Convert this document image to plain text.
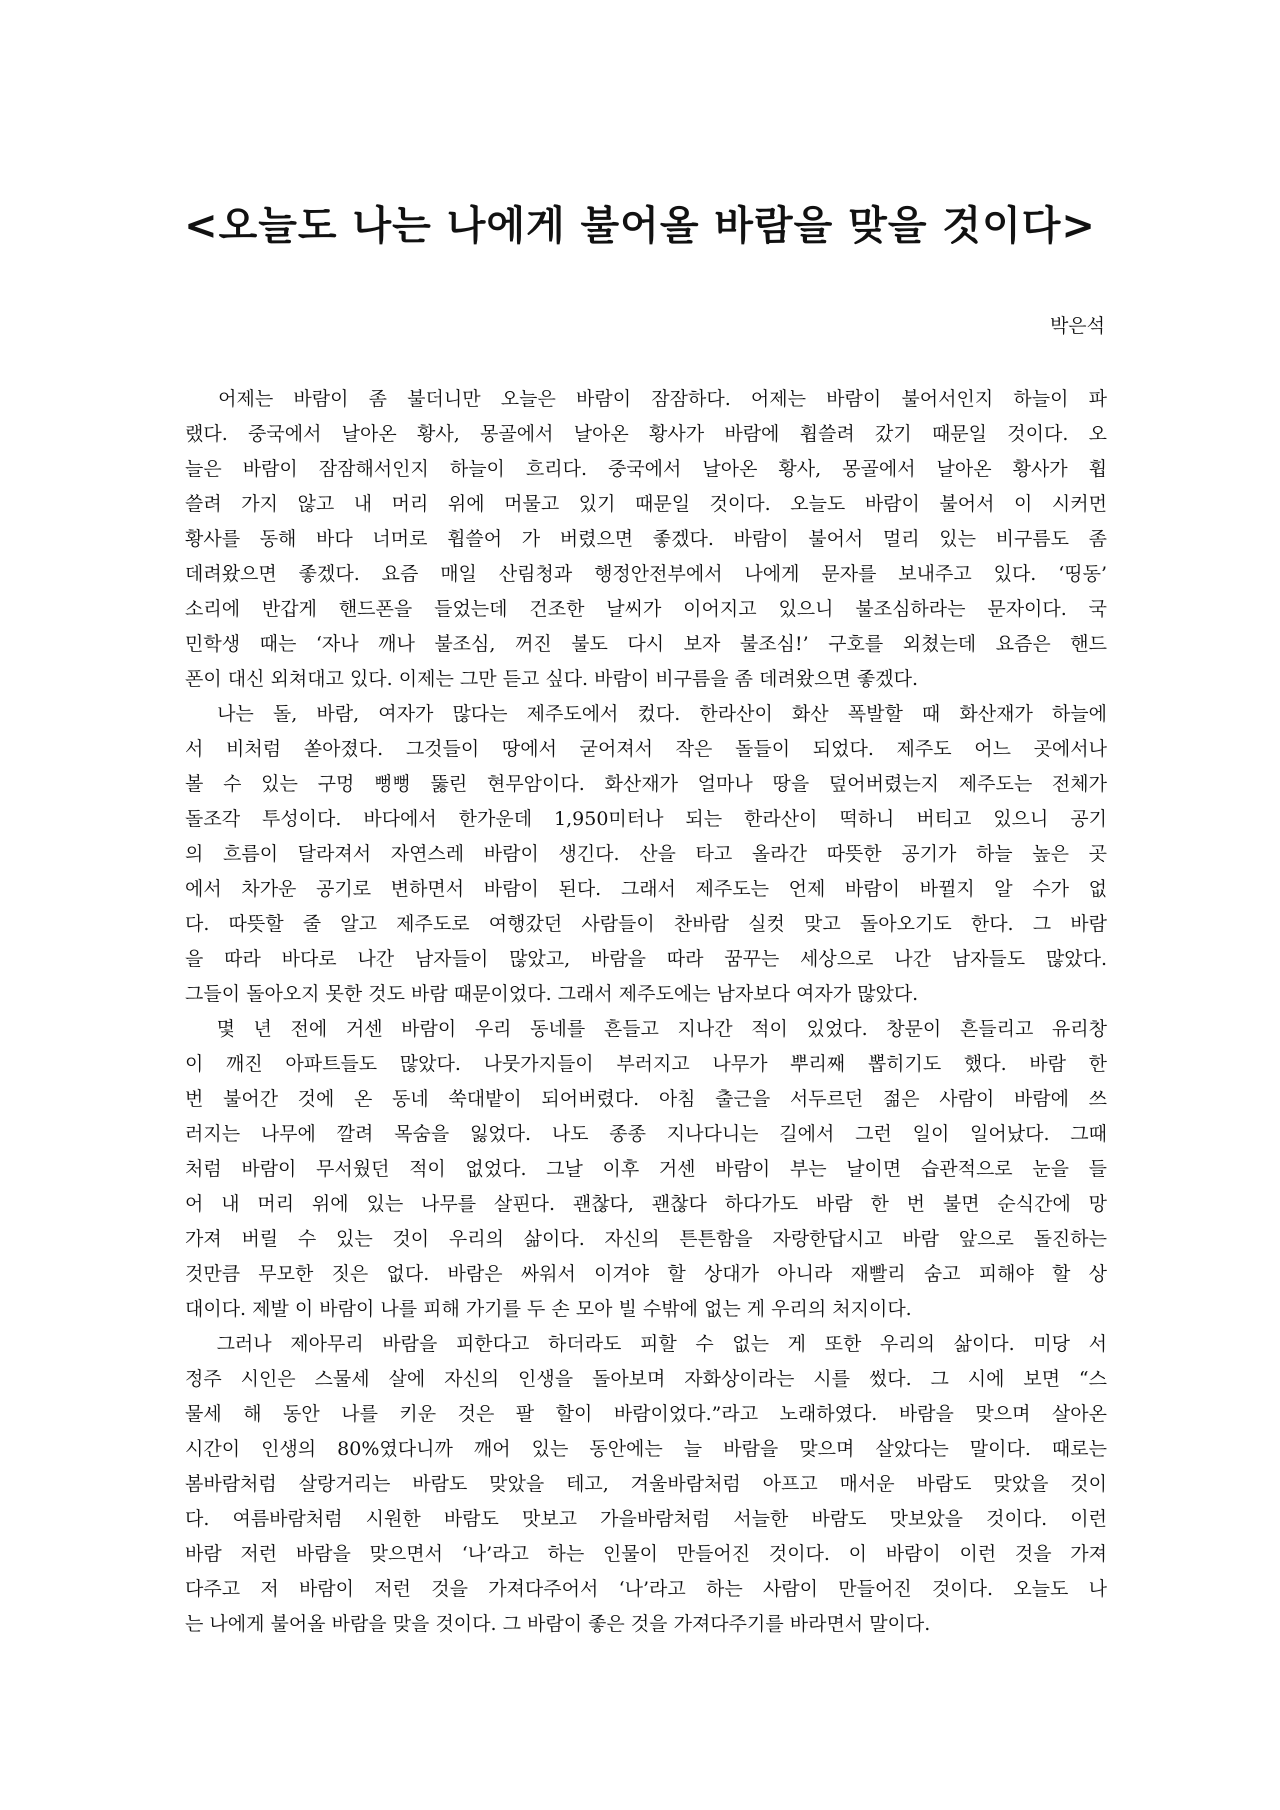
<오늘도 나는 나에게 불어올 바람을 맞을 것이다>

박은석

　어제는 바람이 좀 불더니만 오늘은 바람이 잠잠하다. 어제는 바람이 불어서인지 하늘이 파
랬다. 중국에서 날아온 황사, 몽골에서 날아온 황사가 바람에 휩쓸려 갔기 때문일 것이다. 오
늘은 바람이 잠잠해서인지 하늘이 흐리다. 중국에서 날아온 황사, 몽골에서 날아온 황사가 휩
쓸려 가지 않고 내 머리 위에 머물고 있기 때문일 것이다. 오늘도 바람이 불어서 이 시커먼
황사를 동해 바다 너머로 휩쓸어 가 버렸으면 좋겠다. 바람이 불어서 멀리 있는 비구름도 좀
데려왔으면 좋겠다. 요즘 매일 산림청과 행정안전부에서 나에게 문자를 보내주고 있다. ‘띵동’
소리에 반갑게 핸드폰을 들었는데 건조한 날씨가 이어지고 있으니 불조심하라는 문자이다. 국
민학생 때는 ‘자나 깨나 불조심, 꺼진 불도 다시 보자 불조심!’ 구호를 외쳤는데 요즘은 핸드
폰이 대신 외쳐대고 있다. 이제는 그만 듣고 싶다. 바람이 비구름을 좀 데려왔으면 좋겠다.
　나는 돌, 바람, 여자가 많다는 제주도에서 컸다. 한라산이 화산 폭발할 때 화산재가 하늘에
서 비처럼 쏟아졌다. 그것들이 땅에서 굳어져서 작은 돌들이 되었다. 제주도 어느 곳에서나
볼 수 있는 구멍 뻥뻥 뚫린 현무암이다. 화산재가 얼마나 땅을 덮어버렸는지 제주도는 전체가
돌조각 투성이다. 바다에서 한가운데 1,950미터나 되는 한라산이 떡하니 버티고 있으니 공기
의 흐름이 달라져서 자연스레 바람이 생긴다. 산을 타고 올라간 따뜻한 공기가 하늘 높은 곳
에서 차가운 공기로 변하면서 바람이 된다. 그래서 제주도는 언제 바람이 바뀔지 알 수가 없
다. 따뜻할 줄 알고 제주도로 여행갔던 사람들이 찬바람 실컷 맞고 돌아오기도 한다. 그 바람
을 따라 바다로 나간 남자들이 많았고, 바람을 따라 꿈꾸는 세상으로 나간 남자들도 많았다.
그들이 돌아오지 못한 것도 바람 때문이었다. 그래서 제주도에는 남자보다 여자가 많았다.
　몇 년 전에 거센 바람이 우리 동네를 흔들고 지나간 적이 있었다. 창문이 흔들리고 유리창
이 깨진 아파트들도 많았다. 나뭇가지들이 부러지고 나무가 뿌리째 뽑히기도 했다. 바람 한
번 불어간 것에 온 동네 쑥대밭이 되어버렸다. 아침 출근을 서두르던 젊은 사람이 바람에 쓰
러지는 나무에 깔려 목숨을 잃었다. 나도 종종 지나다니는 길에서 그런 일이 일어났다. 그때
처럼 바람이 무서웠던 적이 없었다. 그날 이후 거센 바람이 부는 날이면 습관적으로 눈을 들
어 내 머리 위에 있는 나무를 살핀다. 괜찮다, 괜찮다 하다가도 바람 한 번 불면 순식간에 망
가져 버릴 수 있는 것이 우리의 삶이다. 자신의 튼튼함을 자랑한답시고 바람 앞으로 돌진하는
것만큼 무모한 짓은 없다. 바람은 싸워서 이겨야 할 상대가 아니라 재빨리 숨고 피해야 할 상
대이다. 제발 이 바람이 나를 피해 가기를 두 손 모아 빌 수밖에 없는 게 우리의 처지이다.
　그러나 제아무리 바람을 피한다고 하더라도 피할 수 없는 게 또한 우리의 삶이다. 미당 서
정주 시인은 스물세 살에 자신의 인생을 돌아보며 자화상이라는 시를 썼다. 그 시에 보면 “스
물세 해 동안 나를 키운 것은 팔 할이 바람이었다.”라고 노래하였다. 바람을 맞으며 살아온
시간이 인생의 80%였다니까 깨어 있는 동안에는 늘 바람을 맞으며 살았다는 말이다. 때로는
봄바람처럼 살랑거리는 바람도 맞았을 테고, 겨울바람처럼 아프고 매서운 바람도 맞았을 것이
다. 여름바람처럼 시원한 바람도 맛보고 가을바람처럼 서늘한 바람도 맛보았을 것이다. 이런
바람 저런 바람을 맞으면서 ‘나’라고 하는 인물이 만들어진 것이다. 이 바람이 이런 것을 가져
다주고 저 바람이 저런 것을 가져다주어서 ‘나’라고 하는 사람이 만들어진 것이다. 오늘도 나
는 나에게 불어올 바람을 맞을 것이다. 그 바람이 좋은 것을 가져다주기를 바라면서 말이다.
